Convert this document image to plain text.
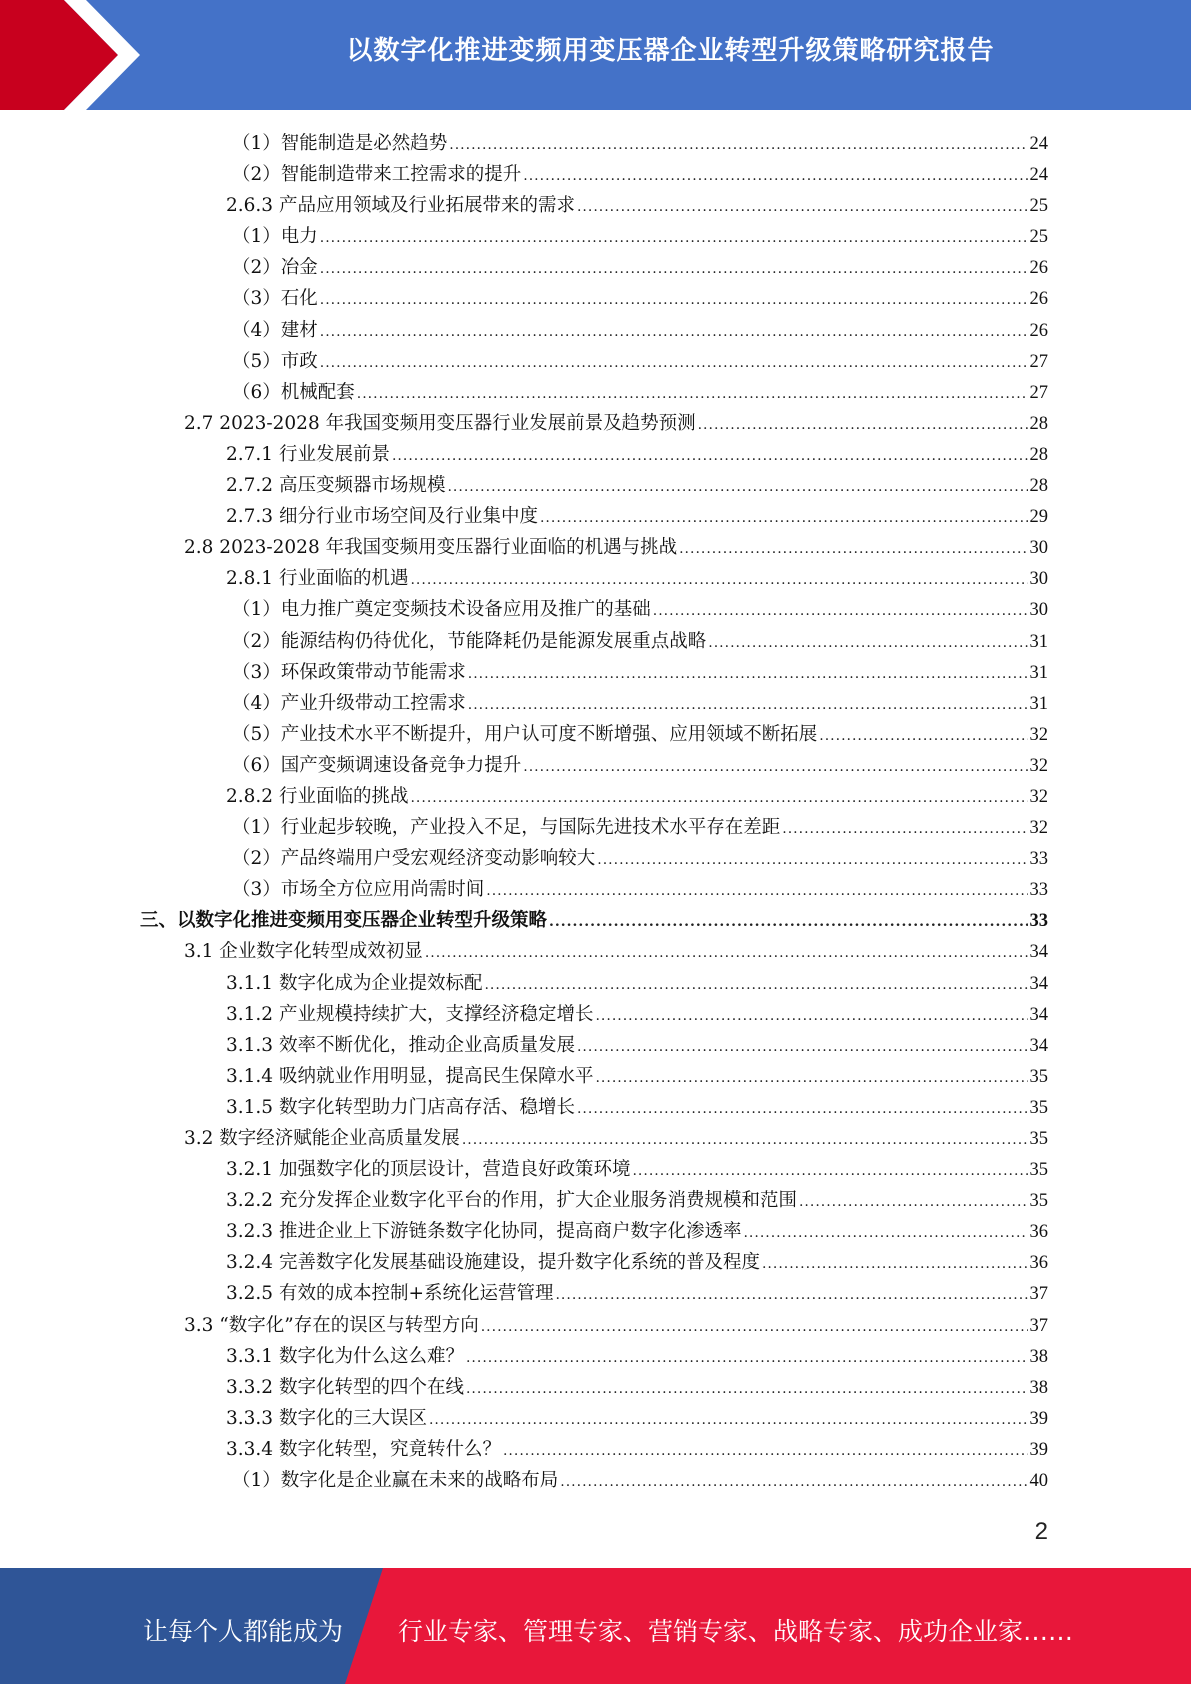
以数字化推进变频用变压器企业转型升级策略研究报告
（1）智能制造是必然趋势 .....	24
（2）智能制造带来工控需求的提升 .....	24
2.6.3 产品应用领域及行业拓展带来的需求 .....	25
（1）电力 .....	25
（2）冶金 .....	26
（3）石化 .....	26
（4）建材 .....	26
（5）市政 .....	27
（6）机械配套 .....	27
2.7 2023-2028 年我国变频用变压器行业发展前景及趋势预测 .....	28
2.7.1 行业发展前景 .....	28
2.7.2 高压变频器市场规模 .....	28
2.7.3 细分行业市场空间及行业集中度 .....	29
2.8 2023-2028 年我国变频用变压器行业面临的机遇与挑战 .....	30
2.8.1 行业面临的机遇 .....	30
（1）电力推广奠定变频技术设备应用及推广的基础 .....	30
（2）能源结构仍待优化，节能降耗仍是能源发展重点战略 .....	31
（3）环保政策带动节能需求 .....	31
（4）产业升级带动工控需求 .....	31
（5）产业技术水平不断提升，用户认可度不断增强、应用领域不断拓展 .....	32
（6）国产变频调速设备竞争力提升 .....	32
2.8.2 行业面临的挑战 .....	32
（1）行业起步较晚，产业投入不足，与国际先进技术水平存在差距 .....	32
（2）产品终端用户受宏观经济变动影响较大 .....	33
（3）市场全方位应用尚需时间 .....	33
三、以数字化推进变频用变压器企业转型升级策略 .....	33
3.1 企业数字化转型成效初显 .....	34
3.1.1 数字化成为企业提效标配 .....	34
3.1.2 产业规模持续扩大，支撑经济稳定增长 .....	34
3.1.3 效率不断优化，推动企业高质量发展 .....	34
3.1.4 吸纳就业作用明显，提高民生保障水平 .....	35
3.1.5 数字化转型助力门店高存活、稳增长 .....	35
3.2 数字经济赋能企业高质量发展 .....	35
3.2.1 加强数字化的顶层设计，营造良好政策环境 .....	35
3.2.2 充分发挥企业数字化平台的作用，扩大企业服务消费规模和范围 .....	35
3.2.3 推进企业上下游链条数字化协同，提高商户数字化渗透率 .....	36
3.2.4 完善数字化发展基础设施建设，提升数字化系统的普及程度 .....	36
3.2.5 有效的成本控制+系统化运营管理 .....	37
3.3 “数字化”存在的误区与转型方向 .....	37
3.3.1 数字化为什么这么难？ .....	38
3.3.2 数字化转型的四个在线 .....	38
3.3.3 数字化的三大误区 .....	39
3.3.4 数字化转型，究竟转什么？ .....	39
（1）数字化是企业赢在未来的战略布局 .....	40
2
让每个人都能成为 行业专家、管理专家、营销专家、战略专家、成功企业家……
